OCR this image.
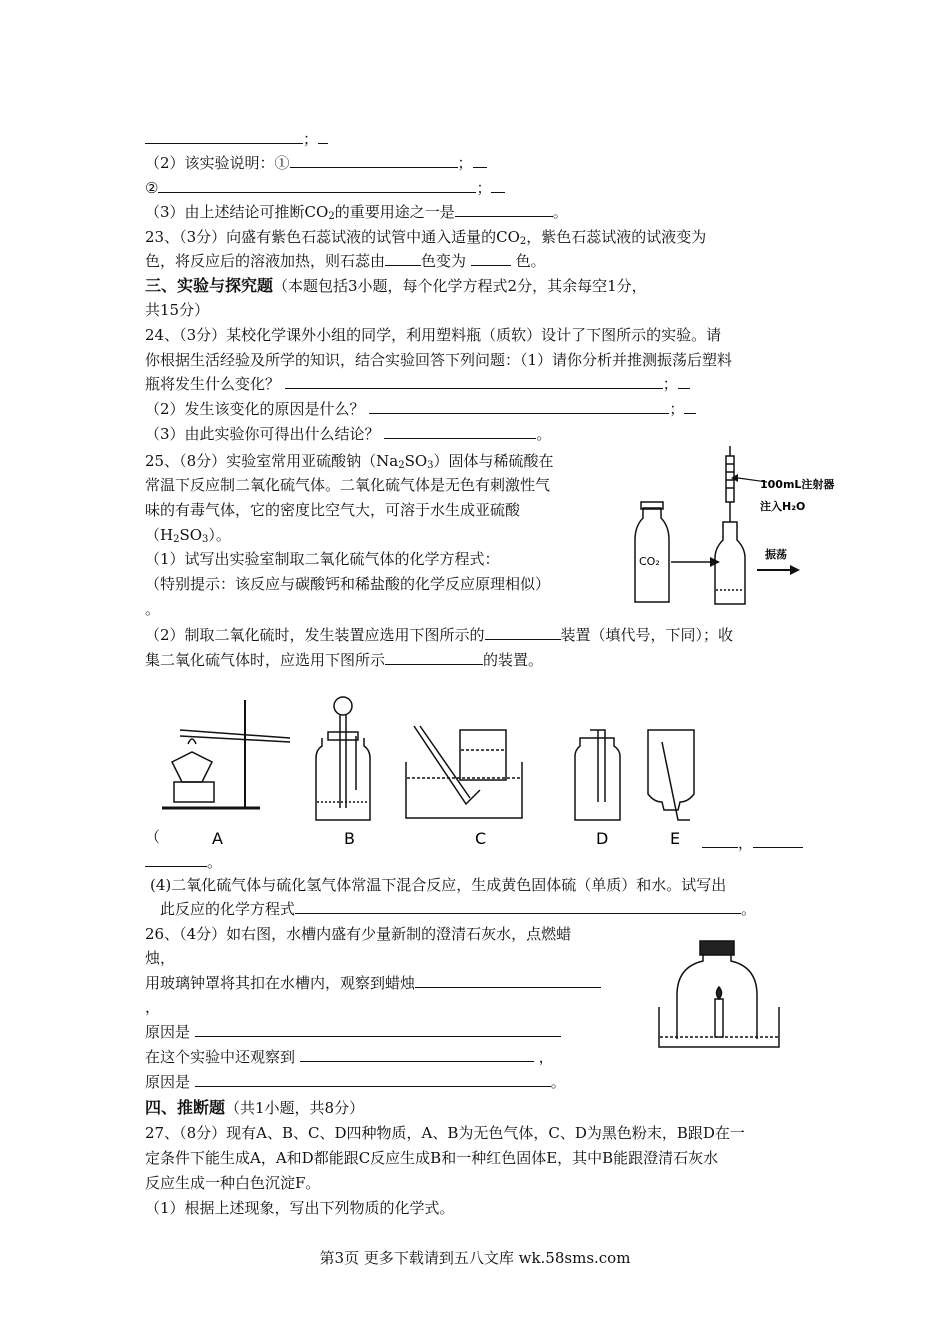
；
（2）该实验说明：①	；
②	；
（3）由上述结论可推断$CO_2$的重要用途之一是	。
23、（3分）向盛有紫色石蕊试液的试管中通入适量的$CO_2$，紫色石蕊试液的试液变为
色，将反应后的溶液加热，则石蕊由 色变为	色。
三、实验与探究题（本题包括3小题，每个化学方程式2分，其余每空1分，
共15分）
24、（3分）某校化学课外小组的同学，利用塑料瓶（质软）设计了下图所示的实验。请
你根据生活经验及所学的知识，结合实验回答下列问题：（1）请你分析并推测振荡后塑料
瓶将发生什么变化？	；
（2）发生该变化的原因是什么？	；
（3）由此实验你可得出什么结论？	。
25、（8分）实验室常用亚硫酸钠$(Na_2SO_3)$固体与稀硫酸在
常温下反应制二氧化硫气体。二氧化硫气体是无色有刺激性气
味的有毒气体，它的密度比空气大，可溶于水生成亚硫酸
$(H_2SO_3)$。
（1）试写出实验室制取二氧化硫气体的化学方程式：
（特别提示：该反应与碳酸钙和稀盐酸的化学反应原理相似）
。
（2）制取二氧化硫时，发生装置应选用下图所示的	装置（填代号，下同）；收
集二氧化硫气体时，应选用下图所示	的装置。
CO₂
100mL注射器
注入H₂O
振荡
A	B	C	D	E
（	，
。
(4)二氧化硫气体与硫化氢气体常温下混合反应，生成黄色固体硫（单质）和水。试写出
此反应的化学方程式	。
26、（4分）如右图，水槽内盛有少量新制的澄清石灰水，点燃蜡
烛，
用玻璃钟罩将其扣在水槽内，观察到蜡烛
，
原因是
在这个实验中还观察到	，
原因是	。
四、推断题（共1小题，共8分）
27、（8分）现有A、B、C、D四种物质，A、B为无色气体，C、D为黑色粉末，B跟D在一
定条件下能生成A，A和D都能跟C反应生成B和一种红色固体E，其中B能跟澄清石灰水
反应生成一种白色沉淀F。
（1）根据上述现象，写出下列物质的化学式。
第3页 更多下载请到五八文库 wk.58sms.com
